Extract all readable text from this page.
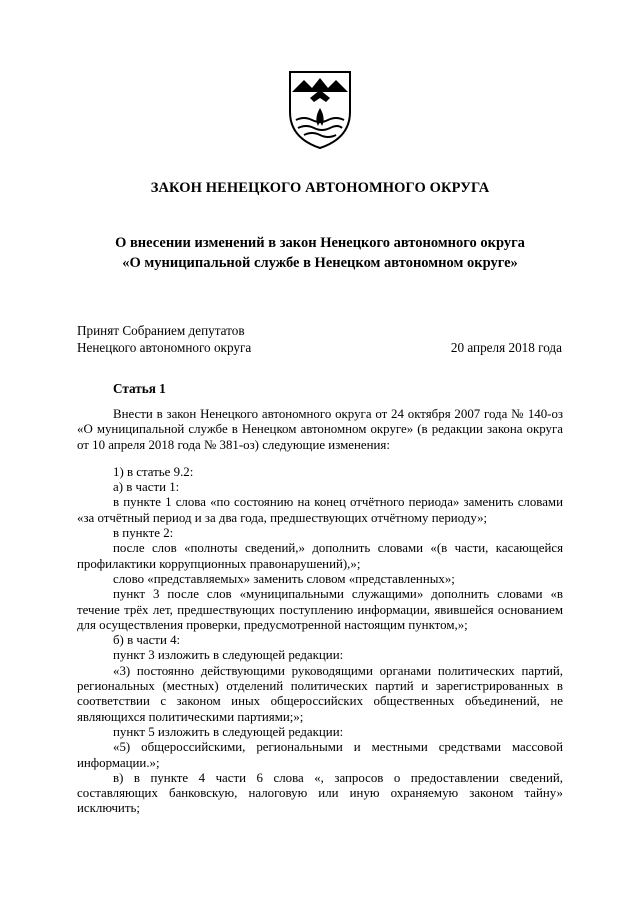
ЗАКОН НЕНЕЦКОГО АВТОНОМНОГО ОКРУГА
О внесении изменений в закон Ненецкого автономного округа
«О муниципальной службе в Ненецком автономном округе»
Принят Собранием депутатов
Ненецкого автономного округа	20 апреля 2018 года
Статья 1

Внести в закон Ненецкого автономного округа от 24 октября 2007 года № 140-оз «О муниципальной службе в Ненецком автономном округе» (в редакции закона округа от 10 апреля 2018 года № 381-оз) следующие изменения:

1) в статье 9.2:

а) в части 1:

в пункте 1 слова «по состоянию на конец отчётного периода» заменить словами «за отчётный период и за два года, предшествующих отчётному периоду»;

в пункте 2:

после слов «полноты сведений,» дополнить словами «(в части, касающейся профилактики коррупционных правонарушений),»;

слово «представляемых» заменить словом «представленных»;

пункт 3 после слов «муниципальными служащими» дополнить словами «в течение трёх лет, предшествующих поступлению информации, явившейся основанием для осуществления проверки, предусмотренной настоящим пунктом,»;

б) в части 4:

пункт 3 изложить в следующей редакции:

«3) постоянно действующими руководящими органами политических партий, региональных (местных) отделений политических партий и зарегистрированных в соответствии с законом иных общероссийских общественных объединений, не являющихся политическими партиями;»;

пункт 5 изложить в следующей редакции:

«5) общероссийскими, региональными и местными средствами массовой информации.»;

в) в пункте 4 части 6 слова «, запросов о предоставлении сведений, составляющих банковскую, налоговую или иную охраняемую законом тайну» исключить;
